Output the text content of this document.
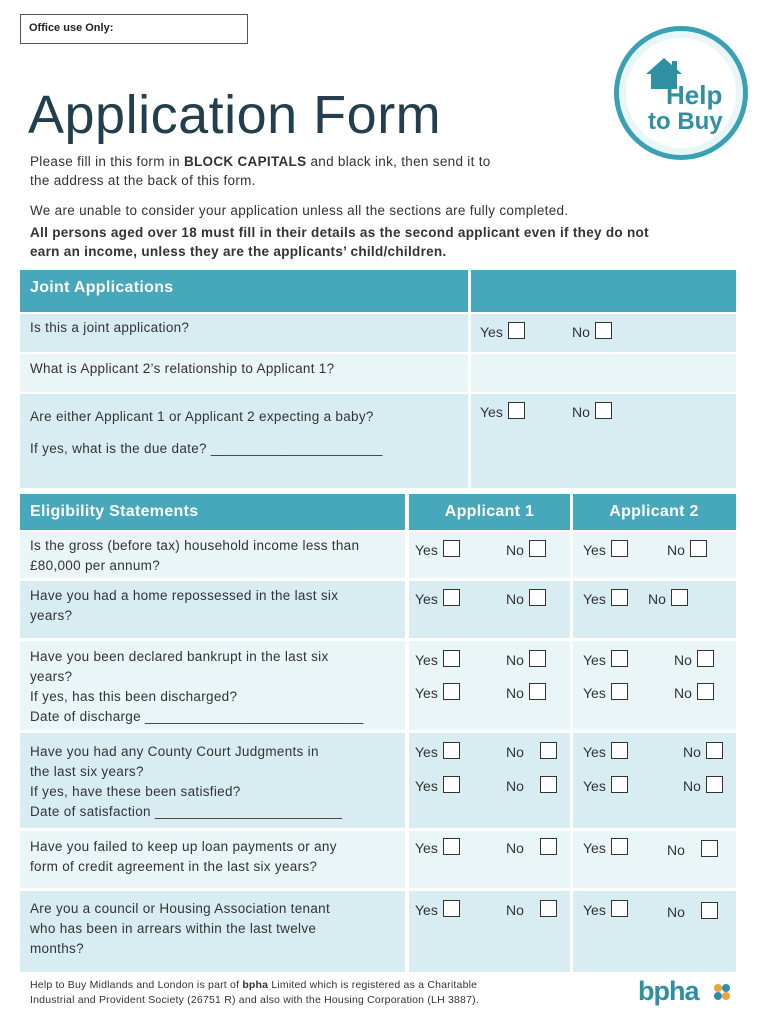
Office use Only:
Help
to Buy
Application Form
Please fill in this form in BLOCK CAPITALS and black ink, then send it to
the address at the back of this form.
We are unable to consider your application unless all the sections are fully completed.
All persons aged over 18 must fill in their details as the second applicant even if they do not
earn an income, unless they are the applicants’ child/children.
Joint Applications
Is this a joint application?	Yes	No
What is Applicant 2’s relationship to Applicant 1?
Are either Applicant 1 or Applicant 2 expecting a baby?	Yes	No
If yes, what is the due date? ______________________
Eligibility Statements	Applicant 1	Applicant 2
Is the gross (before tax) household income less than
£80,000 per annum?
Yes	No	Yes	No
Have you had a home repossessed in the last six
years?
Yes	No	Yes	No
Have you been declared bankrupt in the last six
years?
If yes, has this been discharged?
Date of discharge ____________________________
Yes	No	Yes	No
Yes	No	Yes	No
Have you had any County Court Judgments in
the last six years?
If yes, have these been satisfied?
Date of satisfaction ________________________
Yes	No	Yes	No
Yes	No	Yes	No
Have you failed to keep up loan payments or any
form of credit agreement in the last six years?
Yes	No	Yes	No
Are you a council or Housing Association tenant
who has been in arrears within the last twelve
months?
Yes	No	Yes	No
Help to Buy Midlands and London is part of bpha Limited which is registered as a Charitable
Industrial and Provident Society (26751 R) and also with the Housing Corporation (LH 3887).	bpha
